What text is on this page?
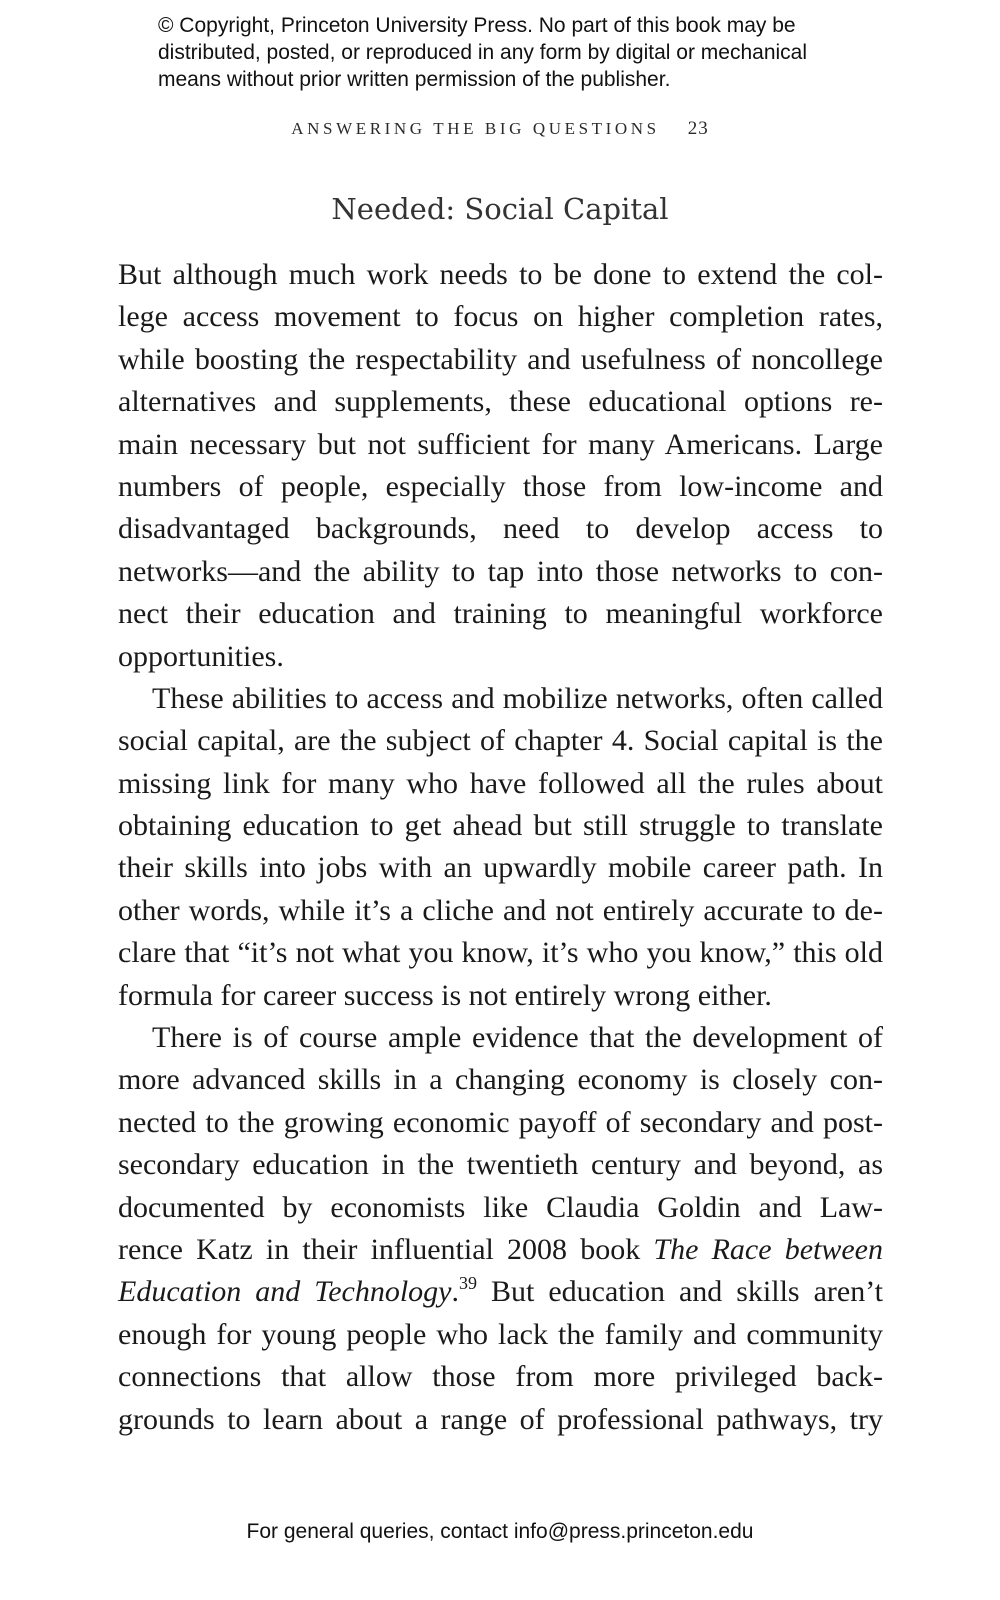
© Copyright, Princeton University Press. No part of this book may be
distributed, posted, or reproduced in any form by digital or mechanical
means without prior written permission of the publisher.
ANSWERING THE BIG QUESTIONS 23
Needed: Social Capital
But although much work needs to be done to extend the col-
lege access movement to focus on higher completion rates,
while boosting the respectability and usefulness of noncollege
alternatives and supplements, these educational options re-
main necessary but not sufficient for many Americans. Large
numbers of people, especially those from low-income and
disadvantaged backgrounds, need to develop access to
networks—and the ability to tap into those networks to con-
nect their education and training to meaningful workforce
opportunities.
These abilities to access and mobilize networks, often called
social capital, are the subject of chapter 4. Social capital is the
missing link for many who have followed all the rules about
obtaining education to get ahead but still struggle to translate
their skills into jobs with an upwardly mobile career path. In
other words, while it’s a cliche and not entirely accurate to de-
clare that “it’s not what you know, it’s who you know,” this old
formula for career success is not entirely wrong either.
There is of course ample evidence that the development of
more advanced skills in a changing economy is closely con-
nected to the growing economic payoff of secondary and post-
secondary education in the twentieth century and beyond, as
documented by economists like Claudia Goldin and Law-
rence Katz in their influential 2008 book The Race between
Education and Technology.$^{39}$ But education and skills aren’t
enough for young people who lack the family and community
connections that allow those from more privileged back-
grounds to learn about a range of professional pathways, try
For general queries, contact info@press.princeton.edu
